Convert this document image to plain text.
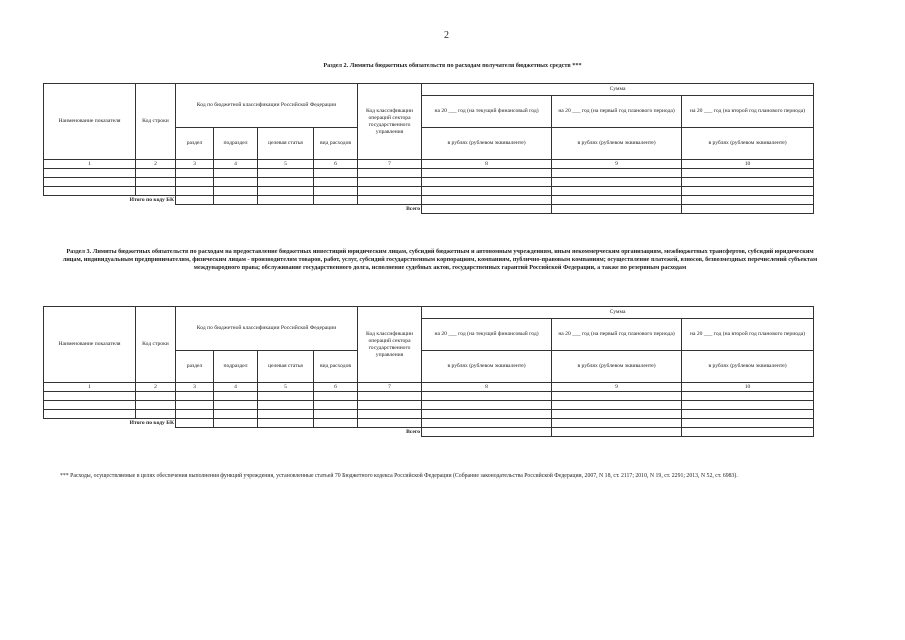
2
Раздел 2. Лимиты бюджетных обязательств по расходам получателя бюджетных средств ***
Наименование показателя	Код строки	Код по бюджетной классификации Российской Федерации				Код классификации операций сектора государственного управления	Сумма		
							на 20 ___ год (на текущий финансовый год)	на 20 ___ год (на первый год планового периода)	на 20 ___ год (на второй год планового периода)
		раздел	подраздел	целевая статья	вид расходов		в рублях (рублевом эквиваленте)	в рублях (рублевом эквиваленте)	в рублях (рублевом эквиваленте)
1	2	3	4	5	6	7	8	9	10

Итого по коду БК									
						Всего			
Раздел 3. Лимиты бюджетных обязательств по расходам на предоставление бюджетных инвестиций юридическим лицам, субсидий бюджетным и автономным учреждениям, иным некоммерческим организациям, межбюджетных трансфертов, субсидий юридическим лицам, индивидуальным предпринимателям, физическим лицам - производителям товаров, работ, услуг, субсидий государственным корпорациям, компаниям, публично-правовым компаниям; осуществление платежей, взносов, безвозмездных перечислений субъектам международного права; обслуживание государственного долга, исполнение судебных актов, государственных гарантий Российской Федерации, а также по резервным расходам
Наименование показателя	Код строки	Код по бюджетной классификации Российской Федерации				Код классификации операций сектора государственного управления	Сумма		
							на 20 ___ год (на текущий финансовый год)	на 20 ___ год (на первый год планового периода)	на 20 ___ год (на второй год планового периода)
		раздел	подраздел	целевая статья	вид расходов		в рублях (рублевом эквиваленте)	в рублях (рублевом эквиваленте)	в рублях (рублевом эквиваленте)
1	2	3	4	5	6	7	8	9	10

Итого по коду БК									
						Всего			
*** Расходы, осуществляемые в целях обеспечения выполнения функций учреждения, установленные статьей 70 Бюджетного кодекса Российской Федерации (Собрание законодательства Российской Федерации, 2007, N 18, ст. 2117; 2010, N 19, ст. 2291; 2013, N 52, ст. 6983).
